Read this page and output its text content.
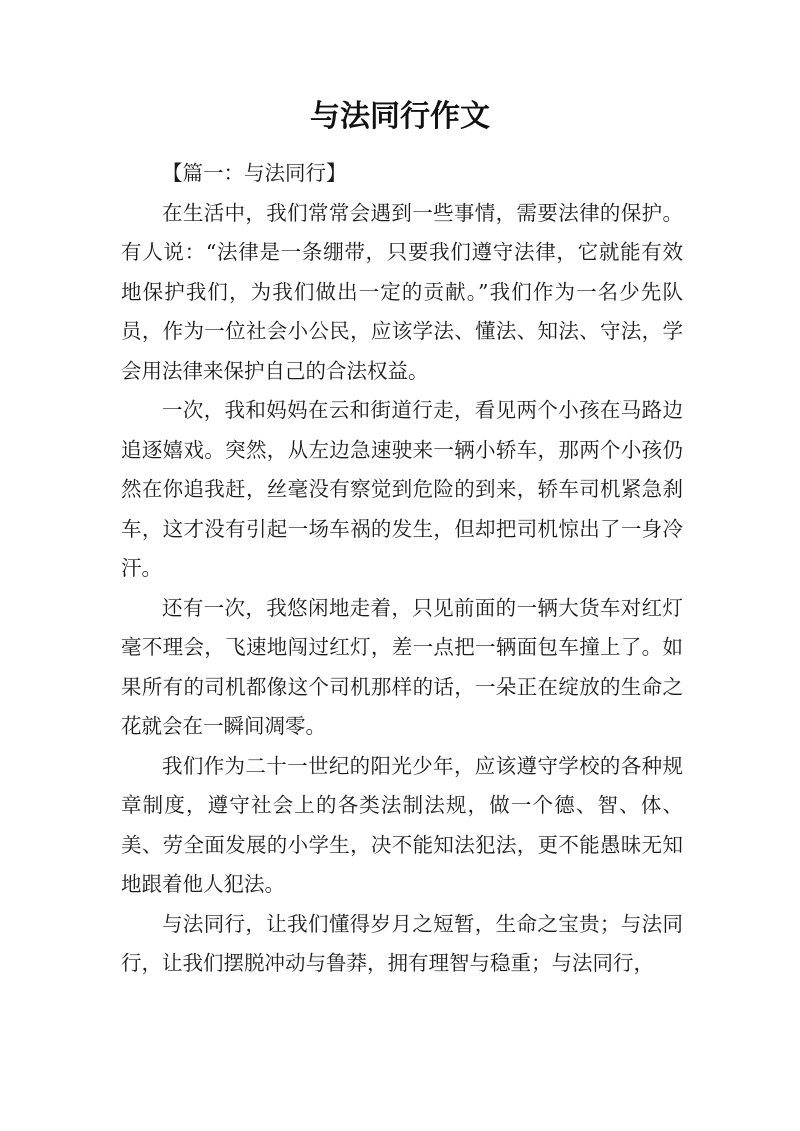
与法同行作文

【篇一：与法同行】

在生活中，我们常常会遇到一些事情，需要法律的保护。有人说：“法律是一条绷带，只要我们遵守法律，它就能有效地保护我们，为我们做出一定的贡献。”我们作为一名少先队员，作为一位社会小公民，应该学法、懂法、知法、守法，学会用法律来保护自己的合法权益。

一次，我和妈妈在云和街道行走，看见两个小孩在马路边追逐嬉戏。突然，从左边急速驶来一辆小轿车，那两个小孩仍然在你追我赶，丝毫没有察觉到危险的到来，轿车司机紧急刹车，这才没有引起一场车祸的发生，但却把司机惊出了一身冷汗。

还有一次，我悠闲地走着，只见前面的一辆大货车对红灯毫不理会，飞速地闯过红灯，差一点把一辆面包车撞上了。如果所有的司机都像这个司机那样的话，一朵正在绽放的生命之花就会在一瞬间凋零。

我们作为二十一世纪的阳光少年，应该遵守学校的各种规章制度，遵守社会上的各类法制法规，做一个德、智、体、美、劳全面发展的小学生，决不能知法犯法，更不能愚昧无知地跟着他人犯法。

与法同行，让我们懂得岁月之短暂，生命之宝贵；与法同行，让我们摆脱冲动与鲁莽，拥有理智与稳重；与法同行，
